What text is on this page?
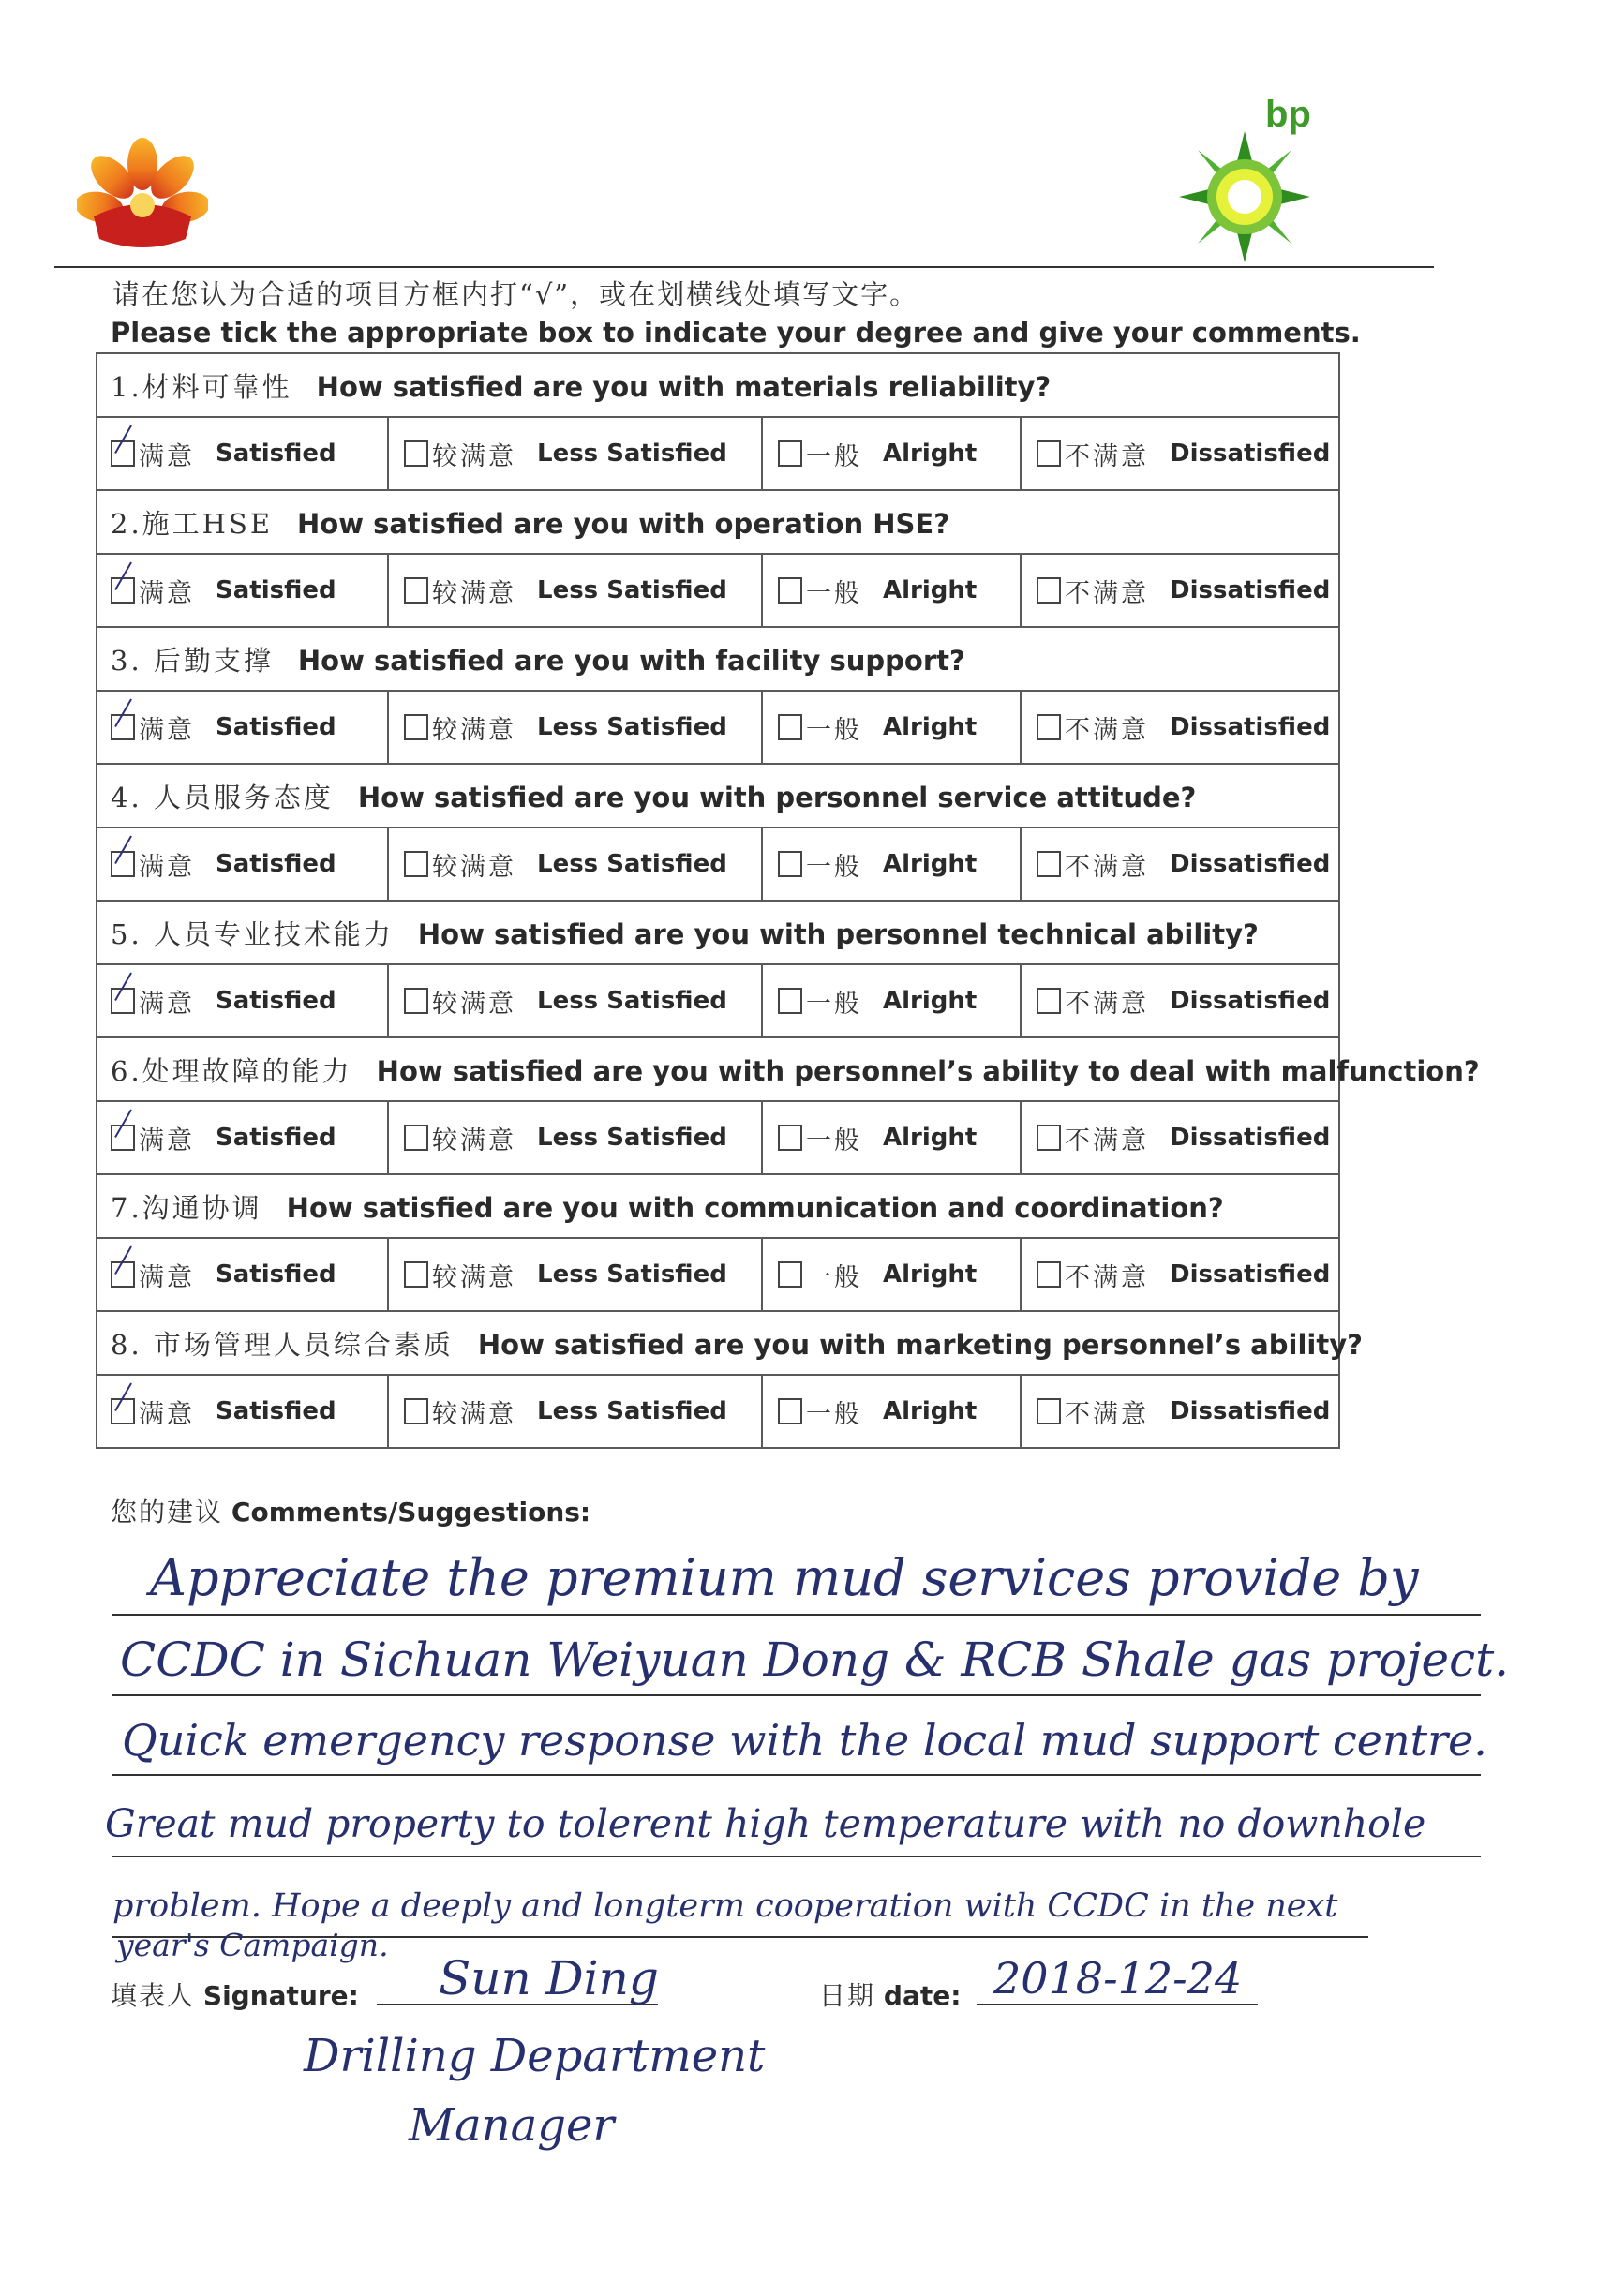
bp
请在您认为合适的项目方框内打“√”，或在划横线处填写文字。
Please tick the appropriate box to indicate your degree and give your comments.
1.材料可靠性 How satisfied are you with materials reliability?			
满意 Satisfied	较满意 Less Satisfied	一般 Alright	不满意 Dissatisfied
2.施工HSE How satisfied are you with operation HSE?			
满意 Satisfied	较满意 Less Satisfied	一般 Alright	不满意 Dissatisfied
3. 后勤支撑 How satisfied are you with facility support?			
满意 Satisfied	较满意 Less Satisfied	一般 Alright	不满意 Dissatisfied
4. 人员服务态度 How satisfied are you with personnel service attitude?			
满意 Satisfied	较满意 Less Satisfied	一般 Alright	不满意 Dissatisfied
5. 人员专业技术能力 How satisfied are you with personnel technical ability?			
满意 Satisfied	较满意 Less Satisfied	一般 Alright	不满意 Dissatisfied
6.处理故障的能力 How satisfied are you with personnel’s ability to deal with malfunction?			
满意 Satisfied	较满意 Less Satisfied	一般 Alright	不满意 Dissatisfied
7.沟通协调 How satisfied are you with communication and coordination?			
满意 Satisfied	较满意 Less Satisfied	一般 Alright	不满意 Dissatisfied
8. 市场管理人员综合素质 How satisfied are you with marketing personnel’s ability?			
满意 Satisfied	较满意 Less Satisfied	一般 Alright	不满意 Dissatisfied
您的建议 Comments/Suggestions:
Appreciate the premium mud services provide by
CCDC in Sichuan Weiyuan Dong & RCB Shale gas project.
Quick emergency response with the local mud support centre.
Great mud property to tolerent high temperature with no downhole
problem. Hope a deeply and longterm cooperation with CCDC in the next
year's Campaign.
填表人 Signature: Sun Ding	日期 date: 2018-12-24
Drilling Department
Manager
